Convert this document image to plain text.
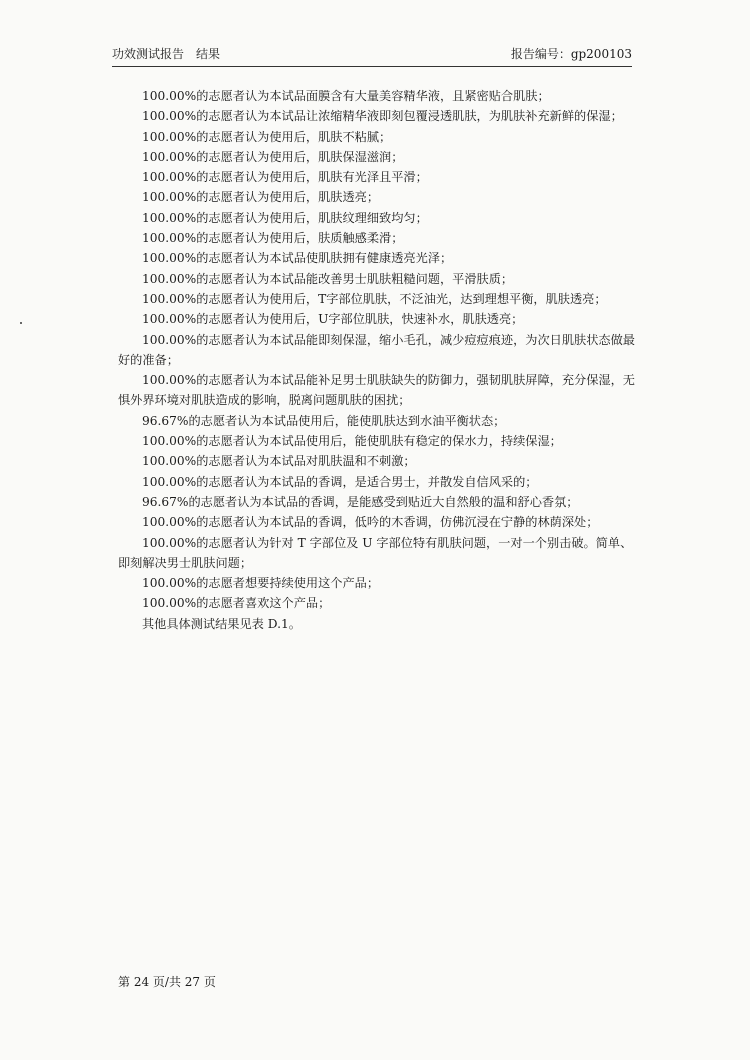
功效测试报告　结果	报告编号：gp200103

100.00%的志愿者认为本试品面膜含有大量美容精华液，且紧密贴合肌肤；

100.00%的志愿者认为本试品让浓缩精华液即刻包覆浸透肌肤，为肌肤补充新鲜的保湿；

100.00%的志愿者认为使用后，肌肤不粘腻；

100.00%的志愿者认为使用后，肌肤保湿滋润；

100.00%的志愿者认为使用后，肌肤有光泽且平滑；

100.00%的志愿者认为使用后，肌肤透亮；

100.00%的志愿者认为使用后，肌肤纹理细致均匀；

100.00%的志愿者认为使用后，肤质触感柔滑；

100.00%的志愿者认为本试品使肌肤拥有健康透亮光泽；

100.00%的志愿者认为本试品能改善男士肌肤粗糙问题，平滑肤质；

100.00%的志愿者认为使用后，T字部位肌肤，不泛油光，达到理想平衡，肌肤透亮；

100.00%的志愿者认为使用后，U字部位肌肤，快速补水，肌肤透亮；

100.00%的志愿者认为本试品能即刻保湿，缩小毛孔，减少痘痘痕迹，为次日肌肤状态做最好的准备；

100.00%的志愿者认为本试品能补足男士肌肤缺失的防御力，强韧肌肤屏障，充分保湿，无惧外界环境对肌肤造成的影响，脱离问题肌肤的困扰；

96.67%的志愿者认为本试品使用后，能使肌肤达到水油平衡状态；

100.00%的志愿者认为本试品使用后，能使肌肤有稳定的保水力，持续保湿；

100.00%的志愿者认为本试品对肌肤温和不刺激；

100.00%的志愿者认为本试品的香调，是适合男士，并散发自信风采的；

96.67%的志愿者认为本试品的香调，是能感受到贴近大自然般的温和舒心香氛；

100.00%的志愿者认为本试品的香调，低吟的木香调，仿佛沉浸在宁静的林荫深处；

100.00%的志愿者认为针对 T 字部位及 U 字部位特有肌肤问题，一对一个别击破。简单、即刻解决男士肌肤问题；

100.00%的志愿者想要持续使用这个产品；

100.00%的志愿者喜欢这个产品；

其他具体测试结果见表 D.1。

第 24 页/共 27 页
